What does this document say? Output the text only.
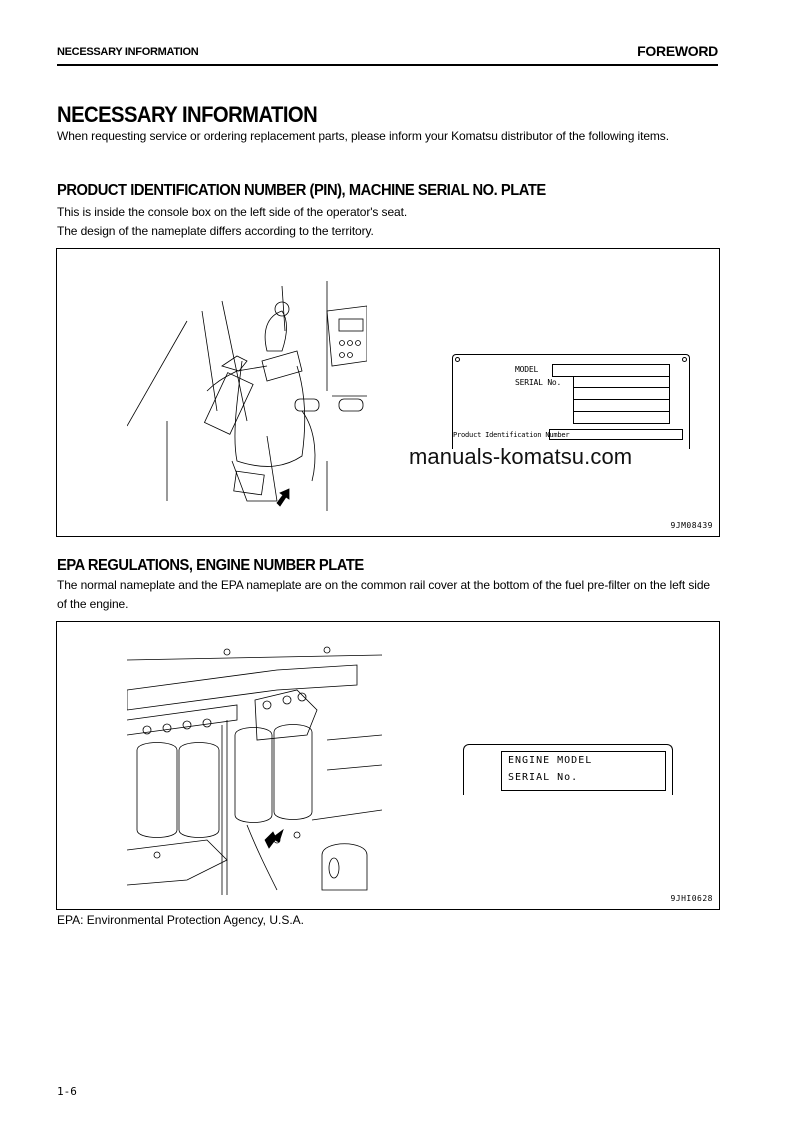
NECESSARY INFORMATION	FOREWORD
NECESSARY INFORMATION
When requesting service or ordering replacement parts, please inform your Komatsu distributor of the following items.
PRODUCT IDENTIFICATION NUMBER (PIN), MACHINE SERIAL NO. PLATE
This is inside the console box on the left side of the operator's seat.
The design of the nameplate differs according to the territory.
MODEL
SERIAL No.
Product Identification Number
9JM08439
manuals-komatsu.com
EPA REGULATIONS, ENGINE NUMBER PLATE
The normal nameplate and the EPA nameplate are on the common rail cover at the bottom of the fuel pre-filter on the left side of the engine.
ENGINE MODEL
SERIAL No.
9JHI0628
EPA: Environmental Protection Agency, U.S.A.
1-6
